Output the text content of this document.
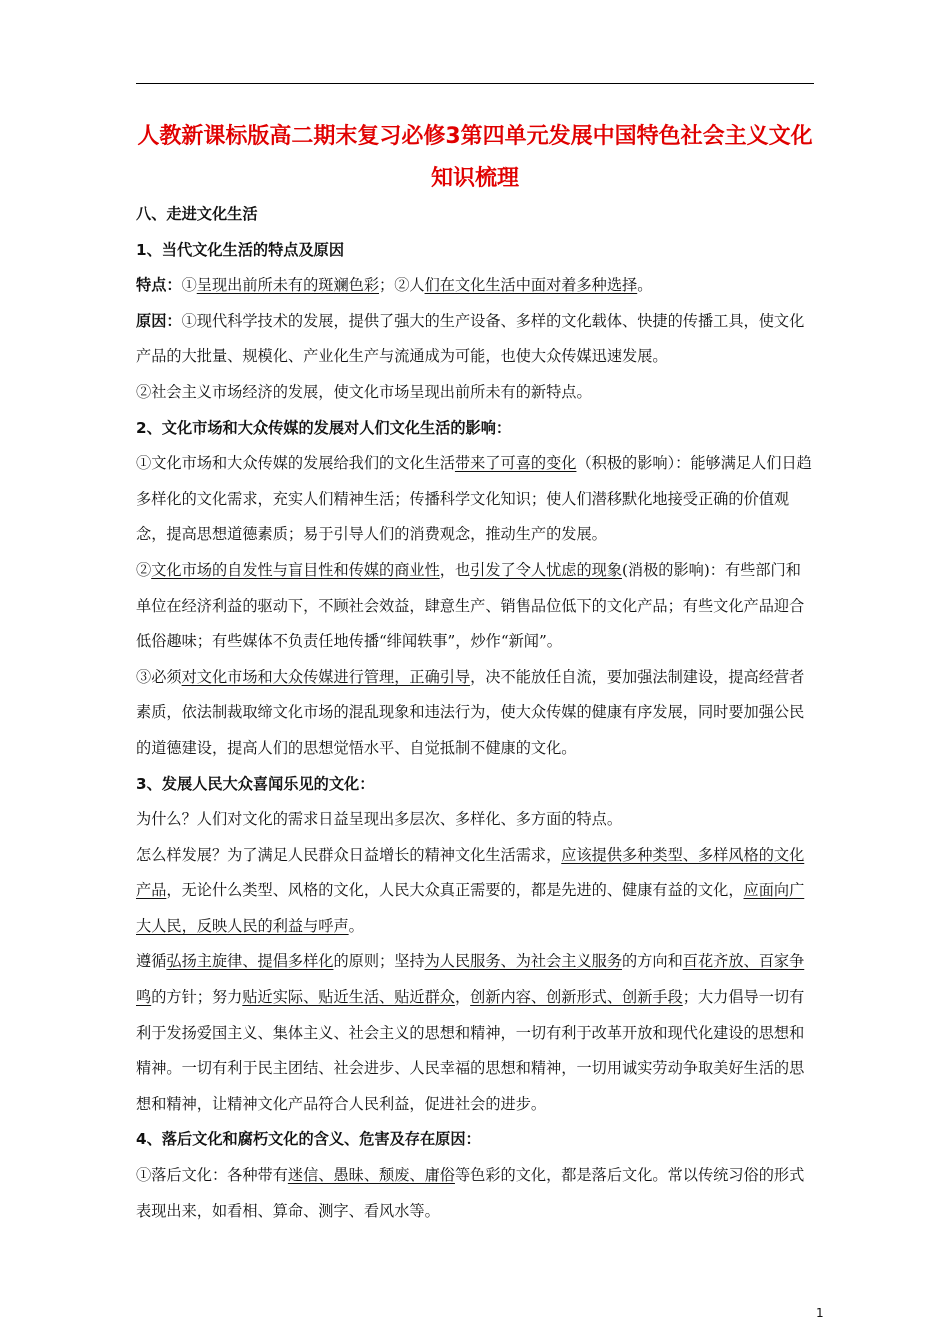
人教新课标版高二期末复习必修3第四单元发展中国特色社会主义文化知识梳理

八、走进文化生活

1、当代文化生活的特点及原因

特点：①呈现出前所未有的斑斓色彩；②人们在文化生活中面对着多种选择。

原因：①现代科学技术的发展，提供了强大的生产设备、多样的文化载体、快捷的传播工具，使文化产品的大批量、规模化、产业化生产与流通成为可能，也使大众传媒迅速发展。

②社会主义市场经济的发展，使文化市场呈现出前所未有的新特点。

2、文化市场和大众传媒的发展对人们文化生活的影响：

①文化市场和大众传媒的发展给我们的文化生活带来了可喜的变化（积极的影响）：能够满足人们日趋多样化的文化需求，充实人们精神生活；传播科学文化知识；使人们潜移默化地接受正确的价值观念，提高思想道德素质；易于引导人们的消费观念，推动生产的发展。

②文化市场的自发性与盲目性和传媒的商业性，也引发了令人忧虑的现象(消极的影响)：有些部门和单位在经济利益的驱动下，不顾社会效益，肆意生产、销售品位低下的文化产品；有些文化产品迎合低俗趣味；有些媒体不负责任地传播“绯闻轶事”，炒作“新闻”。

③必须对文化市场和大众传媒进行管理，正确引导，决不能放任自流，要加强法制建设，提高经营者素质，依法制裁取缔文化市场的混乱现象和违法行为，使大众传媒的健康有序发展，同时要加强公民的道德建设，提高人们的思想觉悟水平、自觉抵制不健康的文化。

3、发展人民大众喜闻乐见的文化：

为什么？人们对文化的需求日益呈现出多层次、多样化、多方面的特点。

怎么样发展？为了满足人民群众日益增长的精神文化生活需求，应该提供多种类型、多样风格的文化产品，无论什么类型、风格的文化，人民大众真正需要的，都是先进的、健康有益的文化，应面向广大人民，反映人民的利益与呼声。

遵循弘扬主旋律、提倡多样化的原则；坚持为人民服务、为社会主义服务的方向和百花齐放、百家争鸣的方针；努力贴近实际、贴近生活、贴近群众，创新内容、创新形式、创新手段；大力倡导一切有利于发扬爱国主义、集体主义、社会主义的思想和精神，一切有利于改革开放和现代化建设的思想和精神。一切有利于民主团结、社会进步、人民幸福的思想和精神，一切用诚实劳动争取美好生活的思想和精神，让精神文化产品符合人民利益，促进社会的进步。

4、落后文化和腐朽文化的含义、危害及存在原因：

①落后文化：各种带有迷信、愚昧、颓废、庸俗等色彩的文化，都是落后文化。常以传统习俗的形式表现出来，如看相、算命、测字、看风水等。

1
